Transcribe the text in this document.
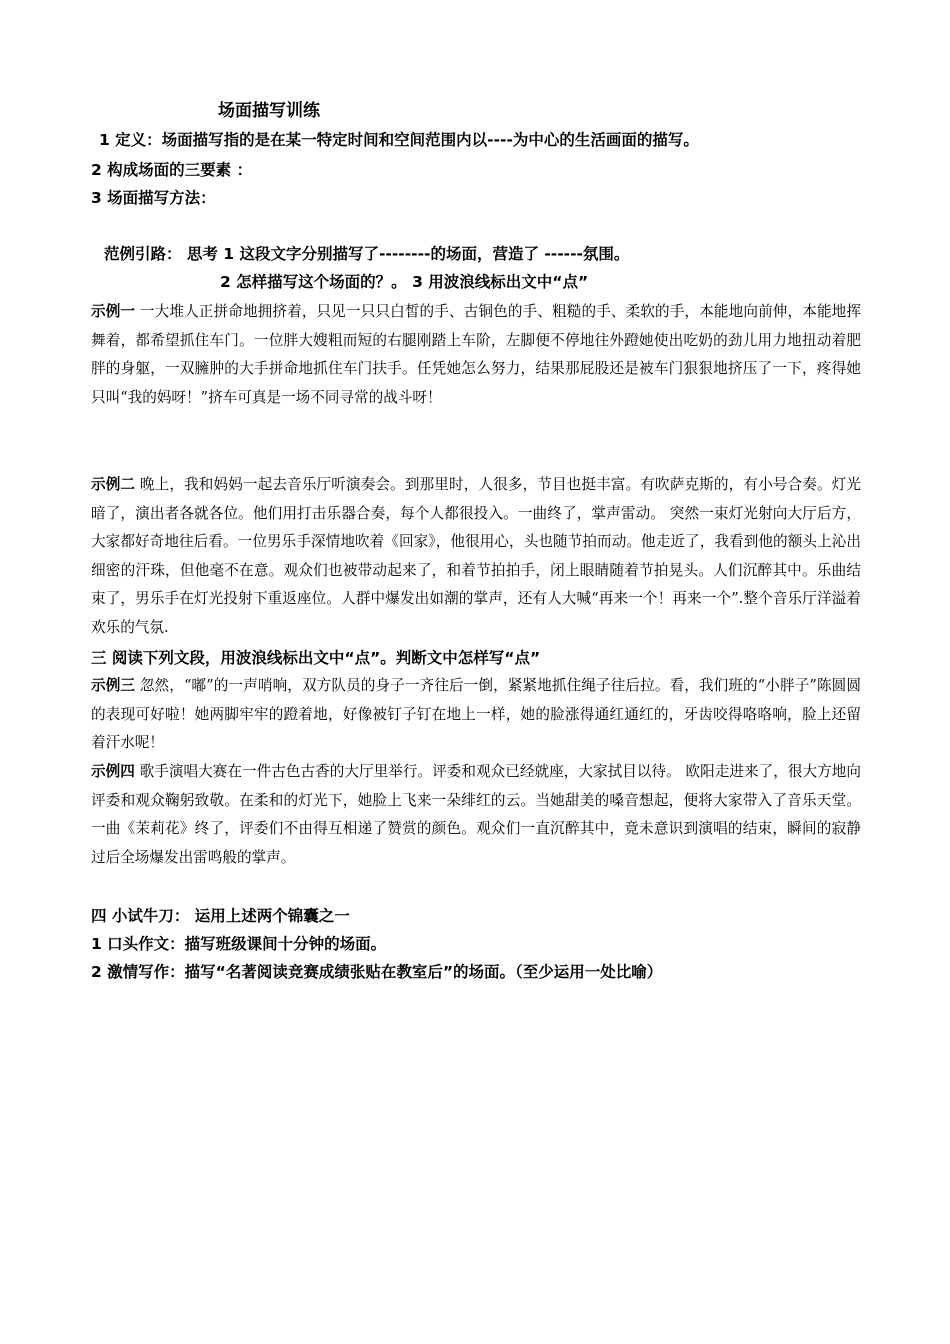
场面描写训练
1 定义：场面描写指的是在某一特定时间和空间范围内以----为中心的生活画面的描写。
2 构成场面的三要素 ：
3 场面描写方法：
范例引路： 思考 1 这段文字分别描写了--------的场面，营造了 ------氛围。
2 怎样描写这个场面的？。 3 用波浪线标出文中“点”
示例一 一大堆人正拼命地拥挤着，只见一只只白皙的手、古铜色的手、粗糙的手、柔软的手，本能地向前伸，本能地挥舞着，都希望抓住车门。一位胖大嫂粗而短的右腿刚踏上车阶，左脚便不停地往外蹬她使出吃奶的劲儿用力地扭动着肥胖的身躯，一双臃肿的大手拼命地抓住车门扶手。任凭她怎么努力，结果那屁股还是被车门狠狠地挤压了一下，疼得她只叫“我的妈呀！”挤车可真是一场不同寻常的战斗呀！
示例二 晚上，我和妈妈一起去音乐厅听演奏会。到那里时，人很多，节目也挺丰富。有吹萨克斯的，有小号合奏。灯光暗了，演出者各就各位。他们用打击乐器合奏，每个人都很投入。一曲终了，掌声雷动。 突然一束灯光射向大厅后方，大家都好奇地往后看。一位男乐手深情地吹着《回家》，他很用心，头也随节拍而动。他走近了，我看到他的额头上沁出细密的汗珠，但他毫不在意。观众们也被带动起来了，和着节拍拍手，闭上眼睛随着节拍晃头。人们沉醉其中。乐曲结束了，男乐手在灯光投射下重返座位。人群中爆发出如潮的掌声，还有人大喊“再来一个！再来一个”.整个音乐厅洋溢着欢乐的气氛.
三 阅读下列文段，用波浪线标出文中“点”。判断文中怎样写“点”
示例三 忽然，“嘟”的一声哨响，双方队员的身子一齐往后一倒，紧紧地抓住绳子往后拉。看，我们班的“小胖子”陈圆圆的表现可好啦！她两脚牢牢的蹬着地，好像被钉子钉在地上一样，她的脸涨得通红通红的，牙齿咬得咯咯响，脸上还留着汗水呢！
示例四 歌手演唱大赛在一件古色古香的大厅里举行。评委和观众已经就座，大家拭目以待。 欧阳走进来了，很大方地向评委和观众鞠躬致敬。在柔和的灯光下，她脸上飞来一朵绯红的云。当她甜美的嗓音想起，便将大家带入了音乐天堂。一曲《茉莉花》终了，评委们不由得互相递了赞赏的颜色。观众们一直沉醉其中，竟未意识到演唱的结束，瞬间的寂静过后全场爆发出雷鸣般的掌声。
四 小试牛刀： 运用上述两个锦囊之一
1 口头作文：描写班级课间十分钟的场面。
2 激情写作：描写“名著阅读竞赛成绩张贴在教室后”的场面。（至少运用一处比喻）
